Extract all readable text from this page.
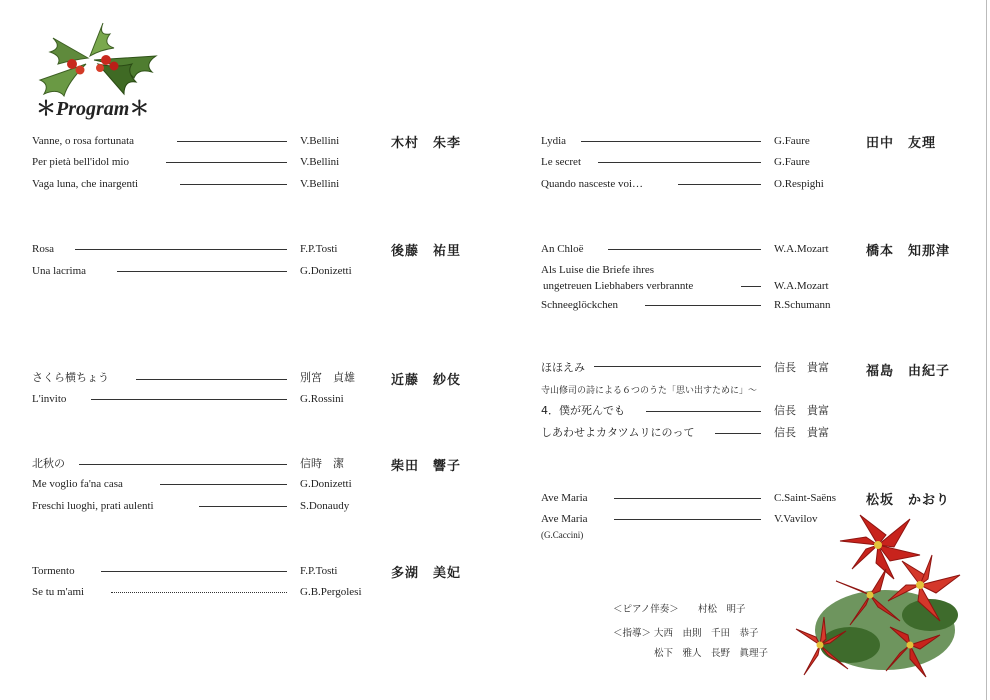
＊Program＊
Vanne, o rosa fortunata	V.Bellini	木村　朱李
Per pietà bell'idol mio	V.Bellini
Vaga luna, che inargenti	V.Bellini
Rosa	F.P.Tosti	後藤　祐里
Una lacrima	G.Donizetti
さくら横ちょう	別宮　貞雄	近藤　紗伎
L'invito	G.Rossini
北秋の	信時　潔	柴田　響子
Me voglio fa'na casa	G.Donizetti
Freschi luoghi, prati aulenti	S.Donaudy
Tormento	F.P.Tosti	多湖　美妃
Se tu m'ami	G.B.Pergolesi
Lydia	G.Faure	田中　友理
Le secret	G.Faure
Quando nasceste voi…	O.Respighi
An Chloë	W.A.Mozart	橋本　知那津
Als Luise die Briefe ihres
ungetreuen Liebhabers verbrannte	W.A.Mozart
Schneeglöckchen	R.Schumann
ほほえみ	信長　貴富	福島　由紀子
寺山修司の詩による６つのうた「思い出すために」～
4．僕が死んでも	信長　貴富
しあわせよカタツムリにのって	信長　貴富
Ave Maria	C.Saint-Saëns 松坂　かおり
Ave Maria	V.Vavilov
(G.Caccini)
＜ピアノ伴奏＞ 村松　明子
＜指導＞ 大西　由則　千田　恭子
松下　雅人　長野　眞理子
